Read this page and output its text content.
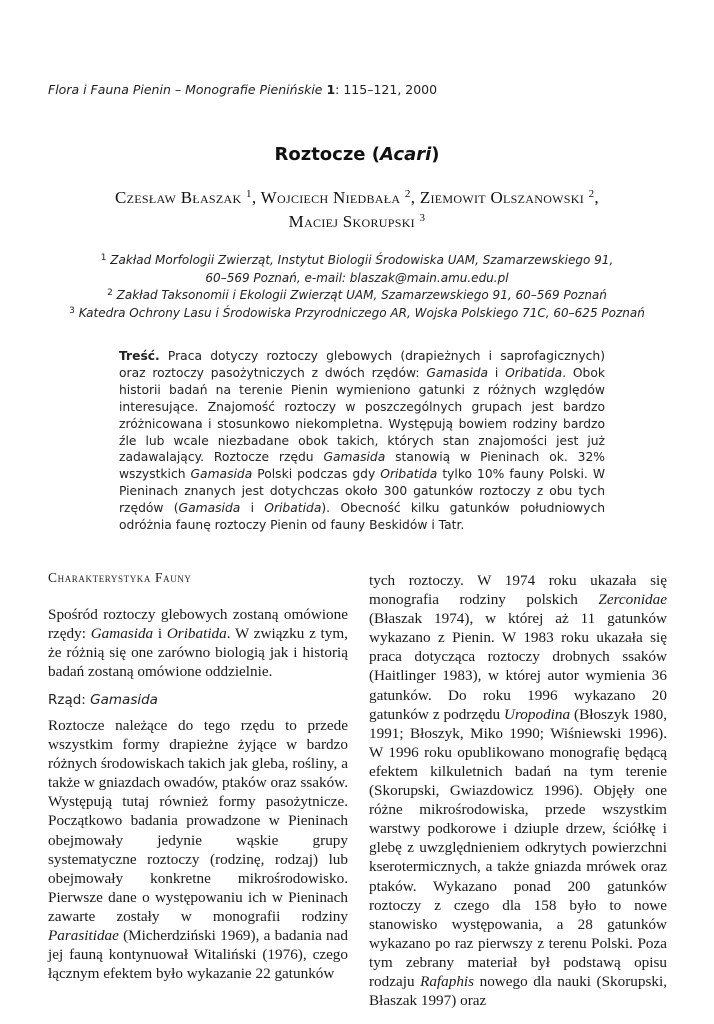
Flora i Fauna Pienin – Monografie Pienińskie 1: 115–121, 2000
Roztocze (Acari)
Czesław Błaszak $^1$, Wojciech Niedbała $^2$, Ziemowit Olszanowski $^2$,
Maciej Skorupski $^3$
$^1$ Zakład Morfologii Zwierząt, Instytut Biologii Środowiska UAM, Szamarzewskiego 91,
60–569 Poznań, e-mail: blaszak@main.amu.edu.pl
$^2$ Zakład Taksonomii i Ekologii Zwierząt UAM, Szamarzewskiego 91, 60–569 Poznań
$^3$ Katedra Ochrony Lasu i Środowiska Przyrodniczego AR, Wojska Polskiego 71C, 60–625 Poznań
Treść. Praca dotyczy roztoczy glebowych (drapieżnych i saprofagicznych) oraz roztoczy pasożytniczych z dwóch rzędów: Gamasida i Oribatida. Obok historii badań na terenie Pienin wymieniono gatunki z różnych względów interesujące. Znajomość roztoczy w poszczególnych grupach jest bardzo zróżnicowana i stosunkowo niekompletna. Występują bowiem rodziny bardzo źle lub wcale niezbadane obok takich, których stan znajomości jest już zadawalający. Roztocze rzędu Gamasida stanowią w Pieninach ok. 32% wszystkich Gamasida Polski podczas gdy Oribatida tylko 10% fauny Polski. W Pieninach znanych jest dotychczas około 300 gatunków roztoczy z obu tych rzędów (Gamasida i Oribatida). Obecność kilku gatunków południowych odróżnia faunę roztoczy Pienin od fauny Beskidów i Tatr.
Charakterystyka Fauny
Spośród roztoczy glebowych zostaną omówione rzędy: Gamasida i Oribatida. W związku z tym, że różnią się one zarówno biologią jak i historią badań zostaną omówione oddzielnie.
Rząd: Gamasida
Roztocze należące do tego rzędu to przede wszystkim formy drapieżne żyjące w bardzo różnych środowiskach takich jak gleba, rośliny, a także w gniazdach owadów, ptaków oraz ssaków. Występują tutaj również formy pasożytnicze. Początkowo badania prowadzone w Pieninach obejmowały jedynie wąskie grupy systematyczne roztoczy (rodzinę, rodzaj) lub obejmowały konkretne mikrośrodowisko. Pierwsze dane o występowaniu ich w Pieninach zawarte zostały w monografii rodziny Parasitidae (Micherdziński 1969), a badania nad jej fauną kontynuował Witaliński (1976), czego łącznym efektem było wykazanie 22 gatunków
tych roztoczy. W 1974 roku ukazała się monografia rodziny polskich Zerconidae (Błaszak 1974), w której aż 11 gatunków wykazano z Pienin. W 1983 roku ukazała się praca dotycząca roztoczy drobnych ssaków (Haitlinger 1983), w której autor wymienia 36 gatunków. Do roku 1996 wykazano 20 gatunków z podrzędu Uropodina (Błoszyk 1980, 1991; Błoszyk, Miko 1990; Wiśniewski 1996). W 1996 roku opublikowano monografię będącą efektem kilkuletnich badań na tym terenie (Skorupski, Gwiazdowicz 1996). Objęły one różne mikrośrodowiska, przede wszystkim warstwy podkorowe i dziuple drzew, ściółkę i glebę z uwzględnieniem odkrytych powierzchni kserotermicznych, a także gniazda mrówek oraz ptaków. Wykazano ponad 200 gatunków roztoczy z czego dla 158 było to nowe stanowisko występowania, a 28 gatunków wykazano po raz pierwszy z terenu Polski. Poza tym zebrany materiał był podstawą opisu rodzaju Rafaphis nowego dla nauki (Skorupski, Błaszak 1997) oraz
